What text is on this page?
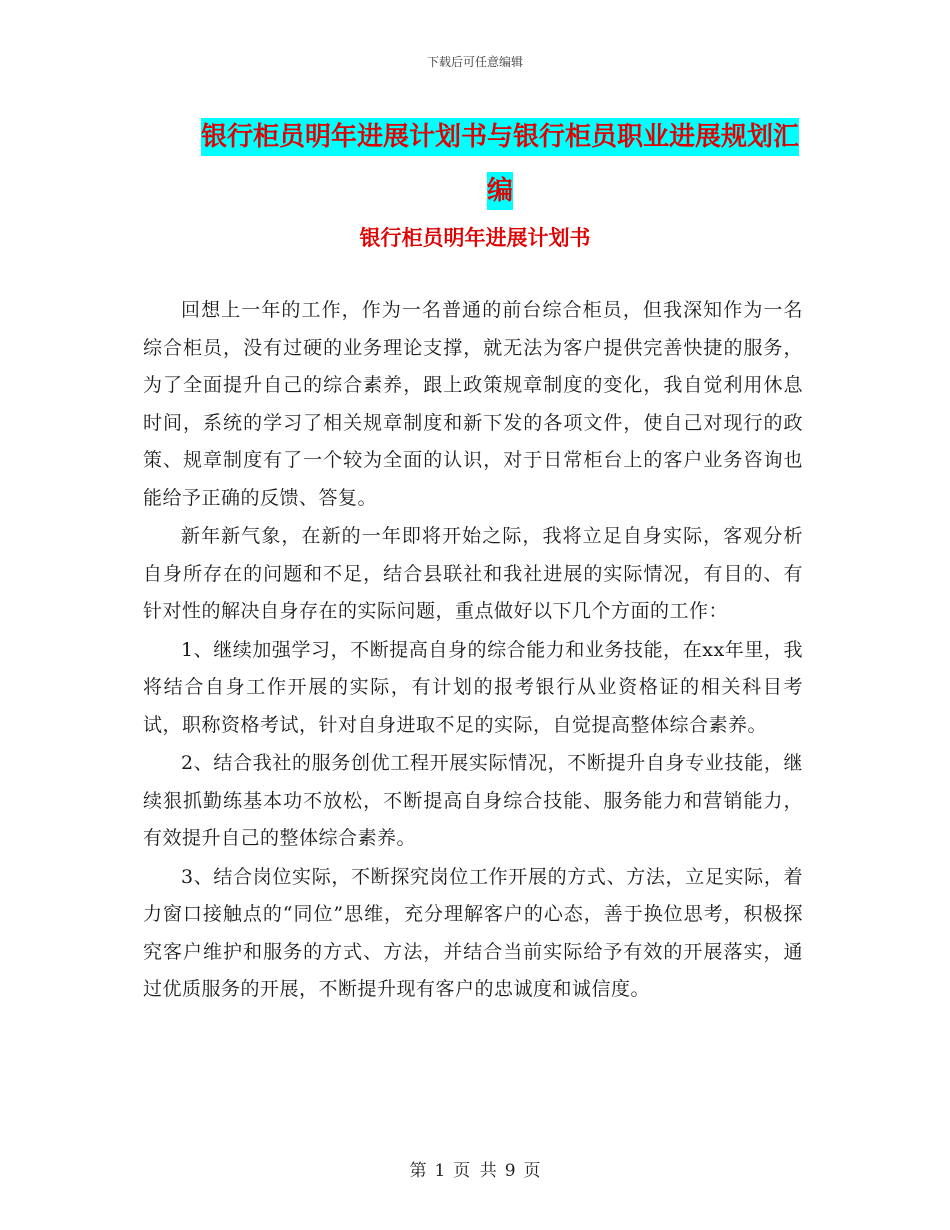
下载后可任意编辑
银行柜员明年进展计划书与银行柜员职业进展规划汇
编
银行柜员明年进展计划书

回想上一年的工作，作为一名普通的前台综合柜员，但我深知作为一名综合柜员，没有过硬的业务理论支撑，就无法为客户提供完善快捷的服务，为了全面提升自己的综合素养，跟上政策规章制度的变化，我自觉利用休息时间，系统的学习了相关规章制度和新下发的各项文件，使自己对现行的政策、规章制度有了一个较为全面的认识，对于日常柜台上的客户业务咨询也能给予正确的反馈、答复。

新年新气象，在新的一年即将开始之际，我将立足自身实际，客观分析自身所存在的问题和不足，结合县联社和我社进展的实际情况，有目的、有针对性的解决自身存在的实际问题，重点做好以下几个方面的工作：

1、继续加强学习，不断提高自身的综合能力和业务技能，在xx年里，我将结合自身工作开展的实际，有计划的报考银行从业资格证的相关科目考试，职称资格考试，针对自身进取不足的实际，自觉提高整体综合素养。

2、结合我社的服务创优工程开展实际情况，不断提升自身专业技能，继续狠抓勤练基本功不放松，不断提高自身综合技能、服务能力和营销能力，有效提升自己的整体综合素养。

3、结合岗位实际，不断探究岗位工作开展的方式、方法，立足实际，着力窗口接触点的“同位”思维，充分理解客户的心态，善于换位思考，积极探究客户维护和服务的方式、方法，并结合当前实际给予有效的开展落实，通过优质服务的开展，不断提升现有客户的忠诚度和诚信度。

第 1 页 共 9 页
